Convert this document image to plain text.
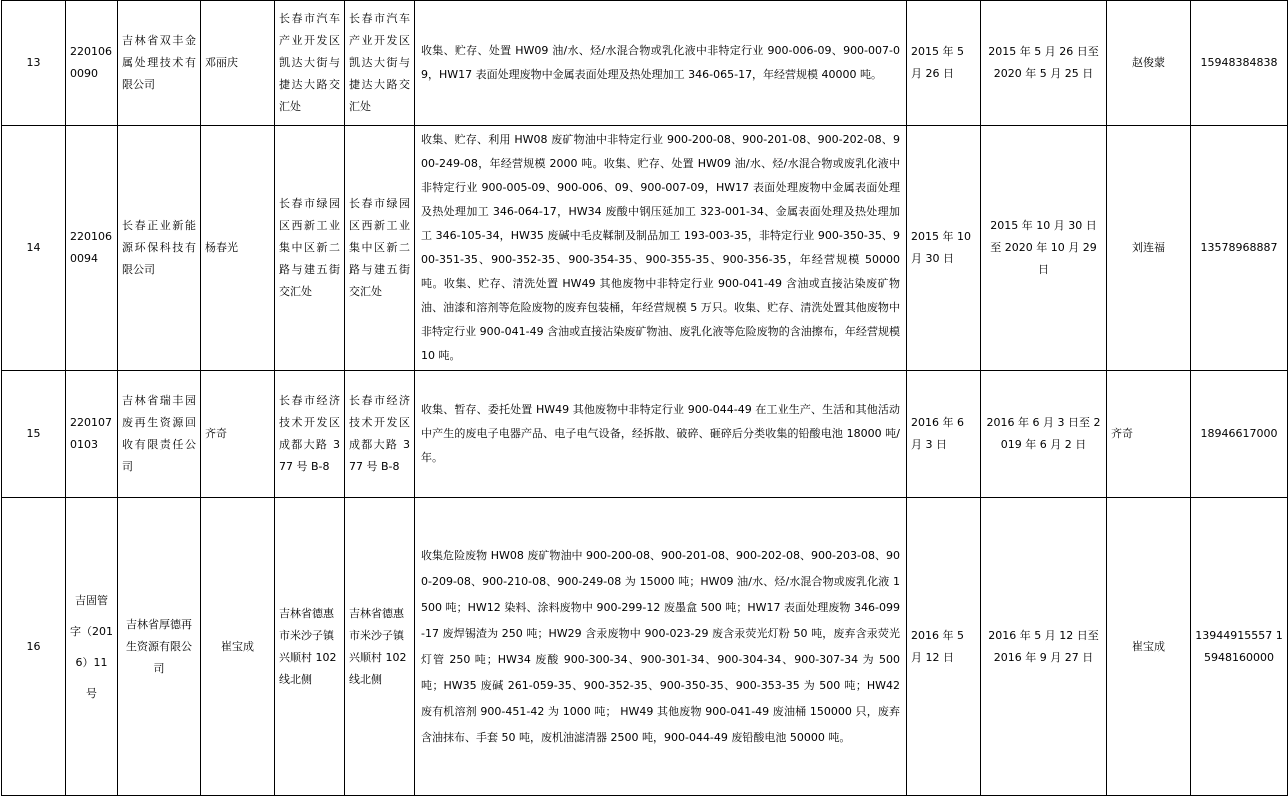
13	2201060090	吉林省双丰金属处理技术有限公司	邓丽庆	长春市汽车产业开发区凯达大街与捷达大路交汇处	长春市汽车产业开发区凯达大街与捷达大路交汇处	收集、贮存、处置 HW09 油/水、烃/水混合物或乳化液中非特定行业 900-006-09、900-007-09，HW17 表面处理废物中金属表面处理及热处理加工 346-065-17，年经营规模 40000 吨。	2015 年 5 月 26 日	2015 年 5 月 26 日至 2020 年 5 月 25 日	赵俊蒙	15948384838
14	2201060094	长春正业新能源环保科技有限公司	杨春光	长春市绿园区西新工业集中区新二路与建五街交汇处	长春市绿园区西新工业集中区新二路与建五街交汇处	收集、贮存、利用 HW08 废矿物油中非特定行业 900-200-08、900-201-08、900-202-08、900-249-08，年经营规模 2000 吨。收集、贮存、处置 HW09 油/水、烃/水混合物或废乳化液中非特定行业 900-005-09、900-006、09、900-007-09，HW17 表面处理废物中金属表面处理及热处理加工 346-064-17，HW34 废酸中钢压延加工 323-001-34、金属表面处理及热处理加工 346-105-34，HW35 废碱中毛皮鞣制及制品加工 193-003-35，非特定行业 900-350-35、900-351-35、900-352-35、900-354-35、900-355-35、900-356-35，年经营规模 50000 吨。收集、贮存、清洗处置 HW49 其他废物中非特定行业 900-041-49 含油或直接沾染废矿物油、油漆和溶剂等危险废物的废弃包装桶，年经营规模 5 万只。收集、贮存、清洗处置其他废物中非特定行业 900-041-49 含油或直接沾染废矿物油、废乳化液等危险废物的含油擦布，年经营规模 10 吨。	2015 年 10 月 30 日	2015 年 10 月 30 日至 2020 年 10 月 29 日	刘连福	13578968887
15	2201070103	吉林省瑞丰园废再生资源回收有限责任公司	齐奇	长春市经济技术开发区成都大路 377 号 B-8	长春市经济技术开发区成都大路 377 号 B-8	收集、暂存、委托处置 HW49 其他废物中非特定行业 900-044-49 在工业生产、生活和其他活动中产生的废电子电器产品、电子电气设备，经拆散、破碎、砸碎后分类收集的铅酸电池 18000 吨/年。	2016 年 6 月 3 日	2016 年 6 月 3 日至 2019 年 6 月 2 日	齐奇	18946617000
16	吉固管字（2016）11 号	吉林省厚德再生资源有限公司	崔宝成	吉林省德惠市米沙子镇兴顺村 102 线北侧	吉林省德惠市米沙子镇兴顺村 102 线北侧	收集危险废物 HW08 废矿物油中 900-200-08、900-201-08、900-202-08、900-203-08、900-209-08、900-210-08、900-249-08 为 15000 吨；HW09 油/水、烃/水混合物或废乳化液 1500 吨；HW12 染料、涂料废物中 900-299-12 废墨盒 500 吨；HW17 表面处理废物 346-099-17 废焊锡渣为 250 吨；HW29 含汞废物中 900-023-29 废含汞荧光灯粉 50 吨，废弃含汞荧光灯管 250 吨；HW34 废酸 900-300-34、900-301-34、900-304-34、900-307-34 为 500 吨；HW35 废碱 261-059-35、900-352-35、900-350-35、900-353-35 为 500 吨；HW42 废有机溶剂 900-451-42 为 1000 吨； HW49 其他废物 900-041-49 废油桶 150000 只，废弃含油抹布、手套 50 吨，废机油滤清器 2500 吨，900-044-49 废铅酸电池 50000 吨。	2016 年 5 月 12 日	2016 年 5 月 12 日至 2016 年 9 月 27 日	崔宝成	13944915557 15948160000
